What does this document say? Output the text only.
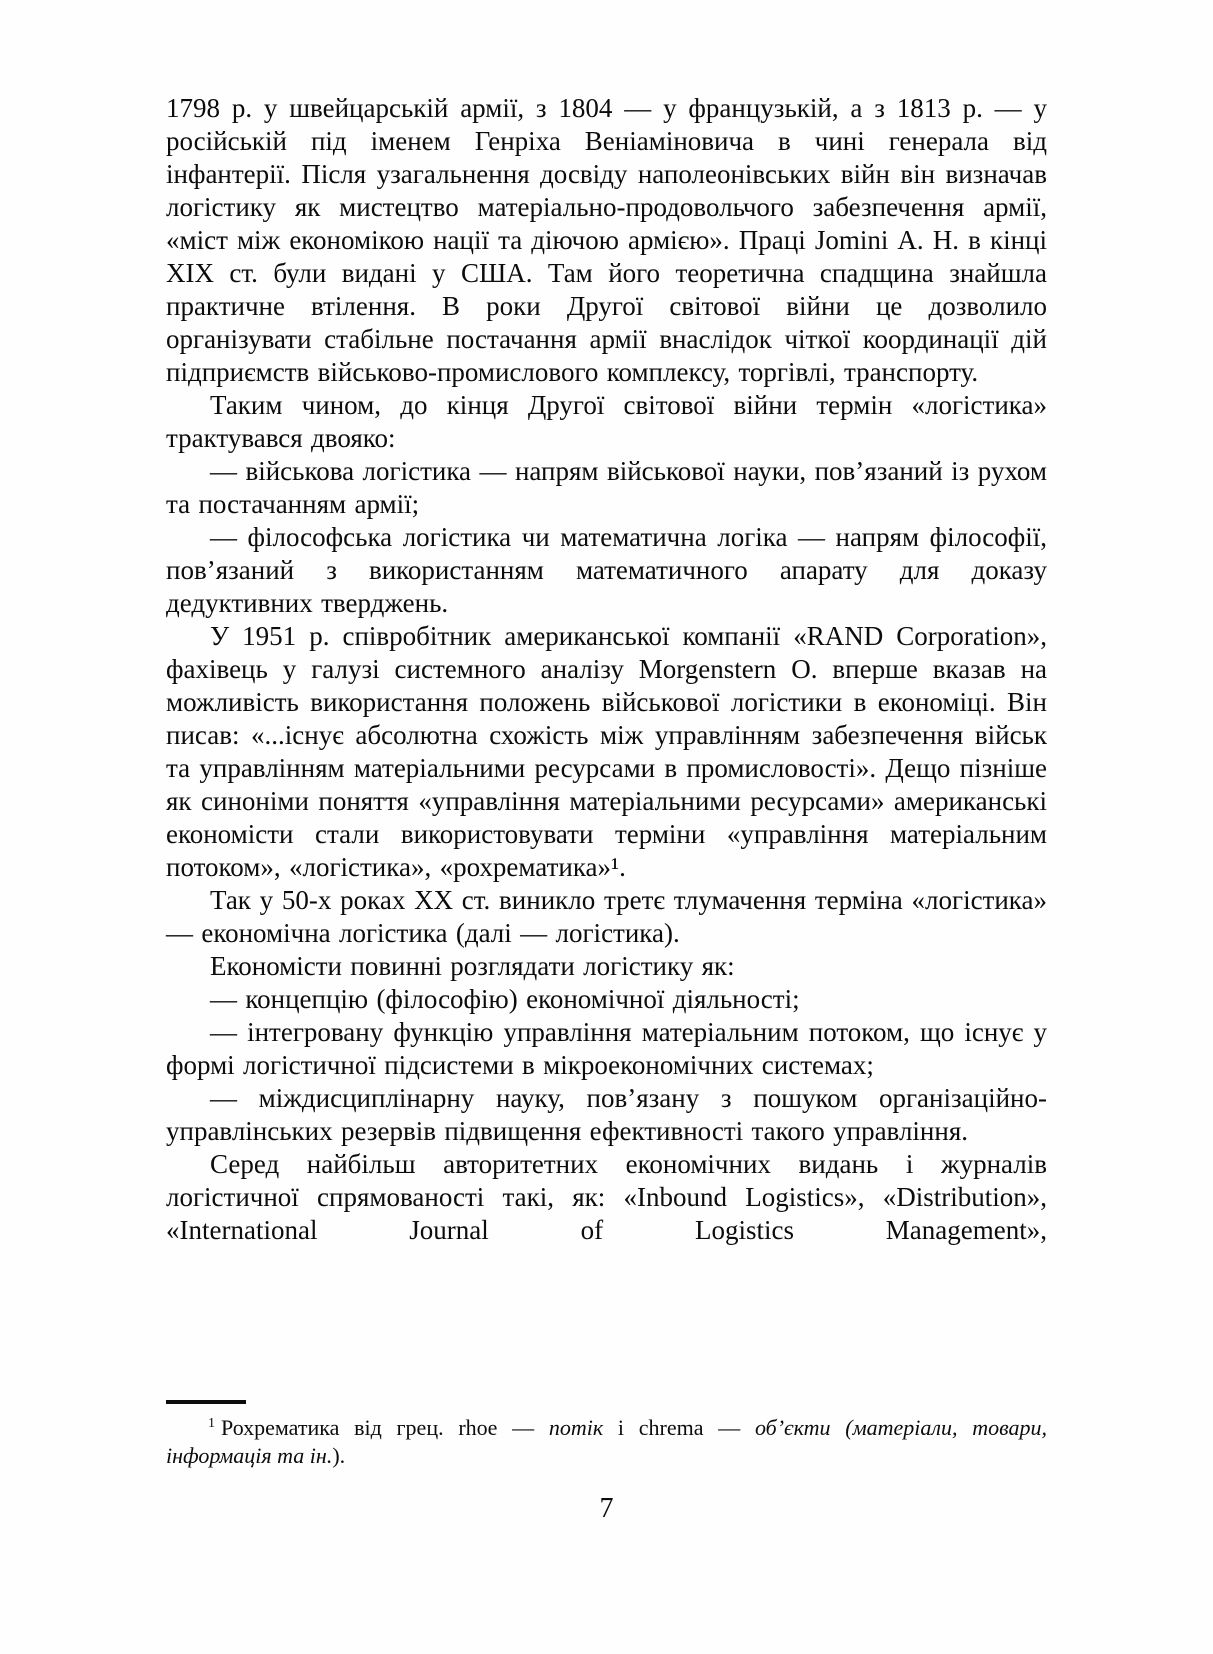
1798 р. у швейцарській армії, з 1804 — у французькій, а з 1813 р. — у російській під іменем Генріха Веніаміновича в чині генерала від інфантерії. Після узагальнення досвіду наполеонівських війн він визначав логістику як мистецтво матеріально-продовольчого забезпечення армії, «міст між економікою нації та діючою армією». Праці Jomini А. Н. в кінці XIX ст. були видані у США. Там його теоретична спадщина знайшла практичне втілення. В роки Другої світової війни це дозволило організувати стабільне постачання армії внаслідок чіткої координації дій підприємств військово-промислового комплексу, торгівлі, транспорту.

Таким чином, до кінця Другої світової війни термін «логістика» трактувався двояко:

— військова логістика — напрям військової науки, пов’язаний із рухом та постачанням армії;

— філософська логістика чи математична логіка — напрям філософії, пов’язаний з використанням математичного апарату для доказу дедуктивних тверджень.

У 1951 р. співробітник американської компанії «RAND Corporation», фахівець у галузі системного аналізу Morgenstern О. вперше вказав на можливість використання положень військової логістики в економіці. Він писав: «...існує абсолютна схожість між управлінням забезпечення військ та управлінням матеріальними ресурсами в промисловості». Дещо пізніше як синоніми поняття «управління матеріальними ресурсами» американські економісти стали використовувати терміни «управління матеріальним потоком», «логістика», «рохрематика»¹.

Так у 50-х роках XX ст. виникло третє тлумачення терміна «логістика» — економічна логістика (далі — логістика).

Економісти повинні розглядати логістику як:

— концепцію (філософію) економічної діяльності;

— інтегровану функцію управління матеріальним потоком, що існує у формі логістичної підсистеми в мікроекономічних системах;

— міждисциплінарну науку, пов’язану з пошуком організаційно-управлінських резервів підвищення ефективності такого управління.

Серед найбільш авторитетних економічних видань і журналів логістичної спрямованості такі, як: «Inbound Logistics», «Distribution», «International Journal of Logistics Management»,

$^1$ Рохрематика від грец. rhoe — потік і chrema — об’єкти (матеріали, товари, інформація та ін.).

7
